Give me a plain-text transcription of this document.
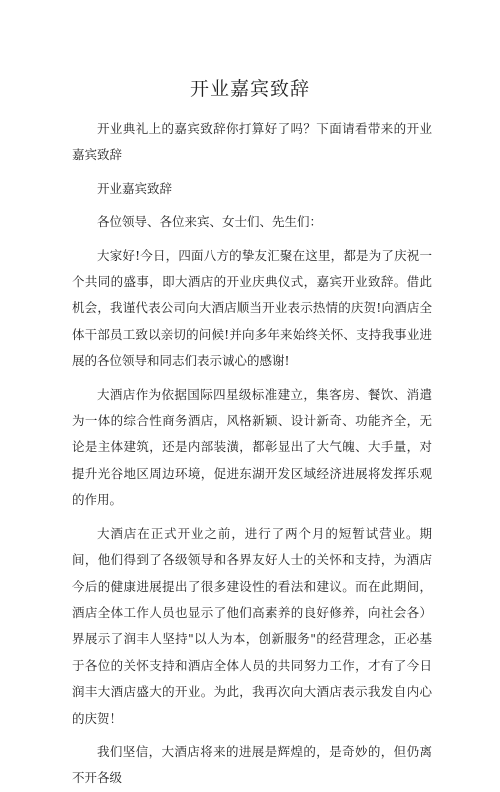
开业嘉宾致辞

开业典礼上的嘉宾致辞你打算好了吗？下面请看带来的开业嘉宾致辞

开业嘉宾致辞

各位领导、各位来宾、女士们、先生们：

大家好!今日，四面八方的挚友汇聚在这里，都是为了庆祝一个共同的盛事，即大酒店的开业庆典仪式，嘉宾开业致辞。借此机会，我谨代表公司向大酒店顺当开业表示热情的庆贺!向酒店全体干部员工致以亲切的问候!并向多年来始终关怀、支持我事业进展的各位领导和同志们表示诚心的感谢!

大酒店作为依据国际四星级标准建立，集客房、餐饮、消遣为一体的综合性商务酒店，风格新颖、设计新奇、功能齐全，无论是主体建筑，还是内部装潢，都彰显出了大气魄、大手量，对提升光谷地区周边环境，促进东湖开发区域经济进展将发挥乐观的作用。

大酒店在正式开业之前，进行了两个月的短暂试营业。期间，他们得到了各级领导和各界友好人士的关怀和支持，为酒店今后的健康进展提出了很多建设性的看法和建议。而在此期间，酒店全体工作人员也显示了他们高素养的良好修养，向社会各）界展示了润丰人坚持"以人为本，创新服务"的经营理念，正必基于各位的关怀支持和酒店全体人员的共同努力工作，才有了今日润丰大酒店盛大的开业。为此，我再次向大酒店表示我发自内心的庆贺！

我们坚信，大酒店将来的进展是辉煌的，是奇妙的，但仍离不开各级
